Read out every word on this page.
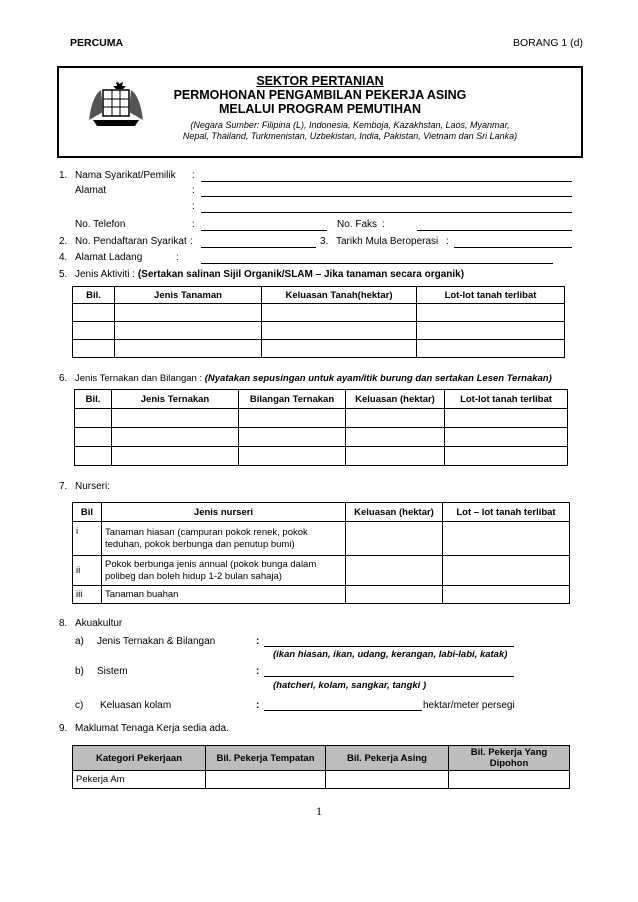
PERCUMA	BORANG 1 (d)
SEKTOR PERTANIAN
PERMOHONAN PENGAMBILAN PEKERJA ASING
MELALUI PROGRAM PEMUTIHAN
(Negara Sumber: Filipina (L), Indonesia, Kemboja, Kazakhstan, Laos, Myanmar,
Nepal, Thailand, Turkmenistan, Uzbekistan, India, Pakistan, Vietnam dan Sri Lanka)
1. Nama Syarikat/Pemilik :
Alamat	:
:
No. Telefon	:	No. Faks :
2. No. Pendaftaran Syarikat :	3. Tarikh Mula Beroperasi :
4. Alamat Ladang	:
5. Jenis Aktiviti : (Sertakan salinan Sijil Organik/SLAM – Jika tanaman secara organik)
Bil.	Jenis Tanaman	Keluasan Tanah(hektar)	Lot-lot tanah terlibat

6. Jenis Ternakan dan Bilangan : (Nyatakan sepusingan untuk ayam/itik burung dan sertakan Lesen Ternakan)
Bil.	Jenis Ternakan	Bilangan Ternakan	Keluasan (hektar)	Lot-lot tanah terlibat

7. Nurseri:
Bil	Jenis nurseri	Keluasan (hektar)	Lot – lot tanah terlibat
i	Tanaman hiasan (campuran pokok renek, pokok
teduhan, pokok berbunga dan penutup bumi)		

ii	Pokok berbunga jenis annual (pokok bunga dalam
polibeg dan boleh hidup 1-2 bulan sahaja)		

iii	Tanaman buahan		
8. Akuakultur
a) Jenis Ternakan & Bilangan	:
(ikan hiasan, ikan, udang, kerangan, labi-labi, katak)
b) Sistem	:
(hatcheri, kolam, sangkar, tangki )
c) Keluasan kolam	:	hektar/meter persegi
9. Maklumat Tenaga Kerja sedia ada.
Kategori Pekerjaan	Bil. Pekerja Tempatan	Bil. Pekerja Asing	Bil. Pekerja Yang
Dipohon

Pekerja Am			
1
